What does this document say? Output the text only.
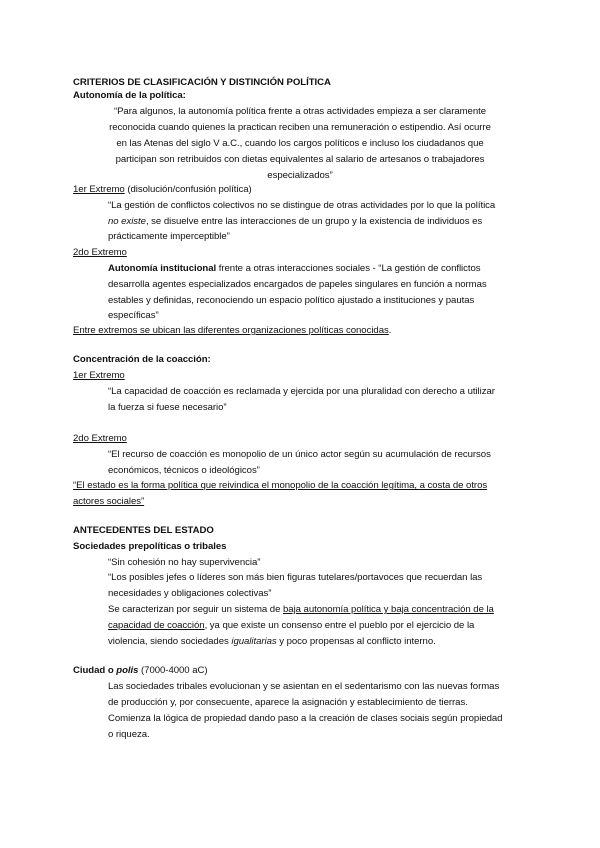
CRITERIOS DE CLASIFICACIÓN Y DISTINCIÓN POLÍTICA
Autonomía de la política:
“Para algunos, la autonomía política frente a otras actividades empieza a ser claramente
reconocida cuando quienes la practican reciben una remuneración o estipendio. Así ocurre
en las Atenas del siglo V a.C., cuando los cargos políticos e incluso los ciudadanos que
participan son retribuidos con dietas equivalentes al salario de artesanos o trabajadores
especializados”
1er Extremo (disolución/confusión política)
“La gestión de conflictos colectivos no se distingue de otras actividades por lo que la política
no existe, se disuelve entre las interacciones de un grupo y la existencia de individuos es
prácticamente imperceptible”
2do Extremo
Autonomía institucional frente a otras interacciones sociales - “La gestión de conflictos
desarrolla agentes especializados encargados de papeles singulares en función a normas
estables y definidas, reconociendo un espacio político ajustado a instituciones y pautas
específicas”
Entre extremos se ubican las diferentes organizaciones políticas conocidas.
Concentración de la coacción:
1er Extremo
“La capacidad de coacción es reclamada y ejercida por una pluralidad con derecho a utilizar
la fuerza si fuese necesario”
2do Extremo
“El recurso de coacción es monopolio de un único actor según su acumulación de recursos
económicos, técnicos o ideológicos”
“El estado es la forma política que reivindica el monopolio de la coacción legítima, a costa de otros
actores sociales”
ANTECEDENTES DEL ESTADO
Sociedades prepolíticas o tribales
“Sin cohesión no hay supervivencia”
“Los posibles jefes o líderes son más bien figuras tutelares/portavoces que recuerdan las
necesidades y obligaciones colectivas”
Se caracterizan por seguir un sistema de baja autonomía política y baja concentración de la
capacidad de coacción, ya que existe un consenso entre el pueblo por el ejercicio de la
violencia, siendo sociedades igualitarias y poco propensas al conflicto interno.
Ciudad o polis (7000-4000 aC)
Las sociedades tribales evolucionan y se asientan en el sedentarismo con las nuevas formas
de producción y, por consecuente, aparece la asignación y establecimiento de tierras.
Comienza la lógica de propiedad dando paso a la creación de clases sociais según propiedad
o riqueza.
